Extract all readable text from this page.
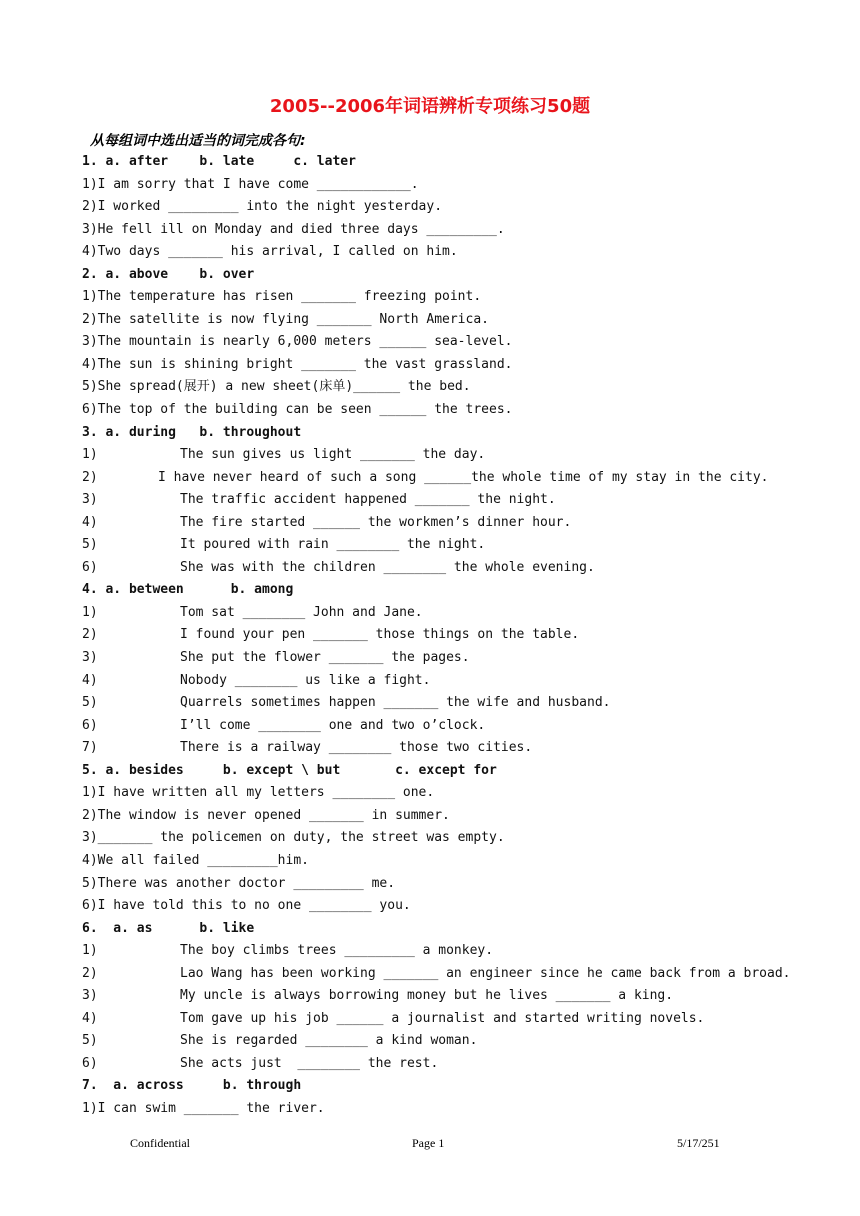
2005--2006年词语辨析专项练习50题
从每组词中选出适当的词完成各句:
1. a. after    b. late     c. later
1)I am sorry that I have come ____________.
2)I worked _________ into the night yesterday.
3)He fell ill on Monday and died three days _________.
4)Two days _______ his arrival, I called on him.
2. a. above    b. over
1)The temperature has risen _______ freezing point.
2)The satellite is now flying _______ North America.
3)The mountain is nearly 6,000 meters ______ sea-level.
4)The sun is shining bright _______ the vast grassland.
5)She spread(展开) a new sheet(床单)______ the bed.
6)The top of the building can be seen ______ the trees.
3. a. during   b. throughout
1)	The sun gives us light _______ the day.
2)	I have never heard of such a song ______the whole time of my stay in the city.
3)	The traffic accident happened _______ the night.
4)	The fire started ______ the workmen’s dinner hour.
5)	It poured with rain ________ the night.
6)	She was with the children ________ the whole evening.
4. a. between      b. among
1)	Tom sat ________ John and Jane.
2)	I found your pen _______ those things on the table.
3)	She put the flower _______ the pages.
4)	Nobody ________ us like a fight.
5)	Quarrels sometimes happen _______ the wife and husband.
6)	I’ll come ________ one and two o’clock.
7)	There is a railway ________ those two cities.
5. a. besides     b. except \ but       c. except for
1)I have written all my letters ________ one.
2)The window is never opened _______ in summer.
3)_______ the policemen on duty, the street was empty.
4)We all failed _________him.
5)There was another doctor _________ me.
6)I have told this to no one ________ you.
6.  a. as      b. like
1)	The boy climbs trees _________ a monkey.
2)	Lao Wang has been working _______ an engineer since he came back from a broad.
3)	My uncle is always borrowing money but he lives _______ a king.
4)	Tom gave up his job ______ a journalist and started writing novels.
5)	She is regarded ________ a kind woman.
6)	She acts just  ________ the rest.
7.  a. across     b. through
1)I can swim _______ the river.
Confidential	Page 1	5/17/251
